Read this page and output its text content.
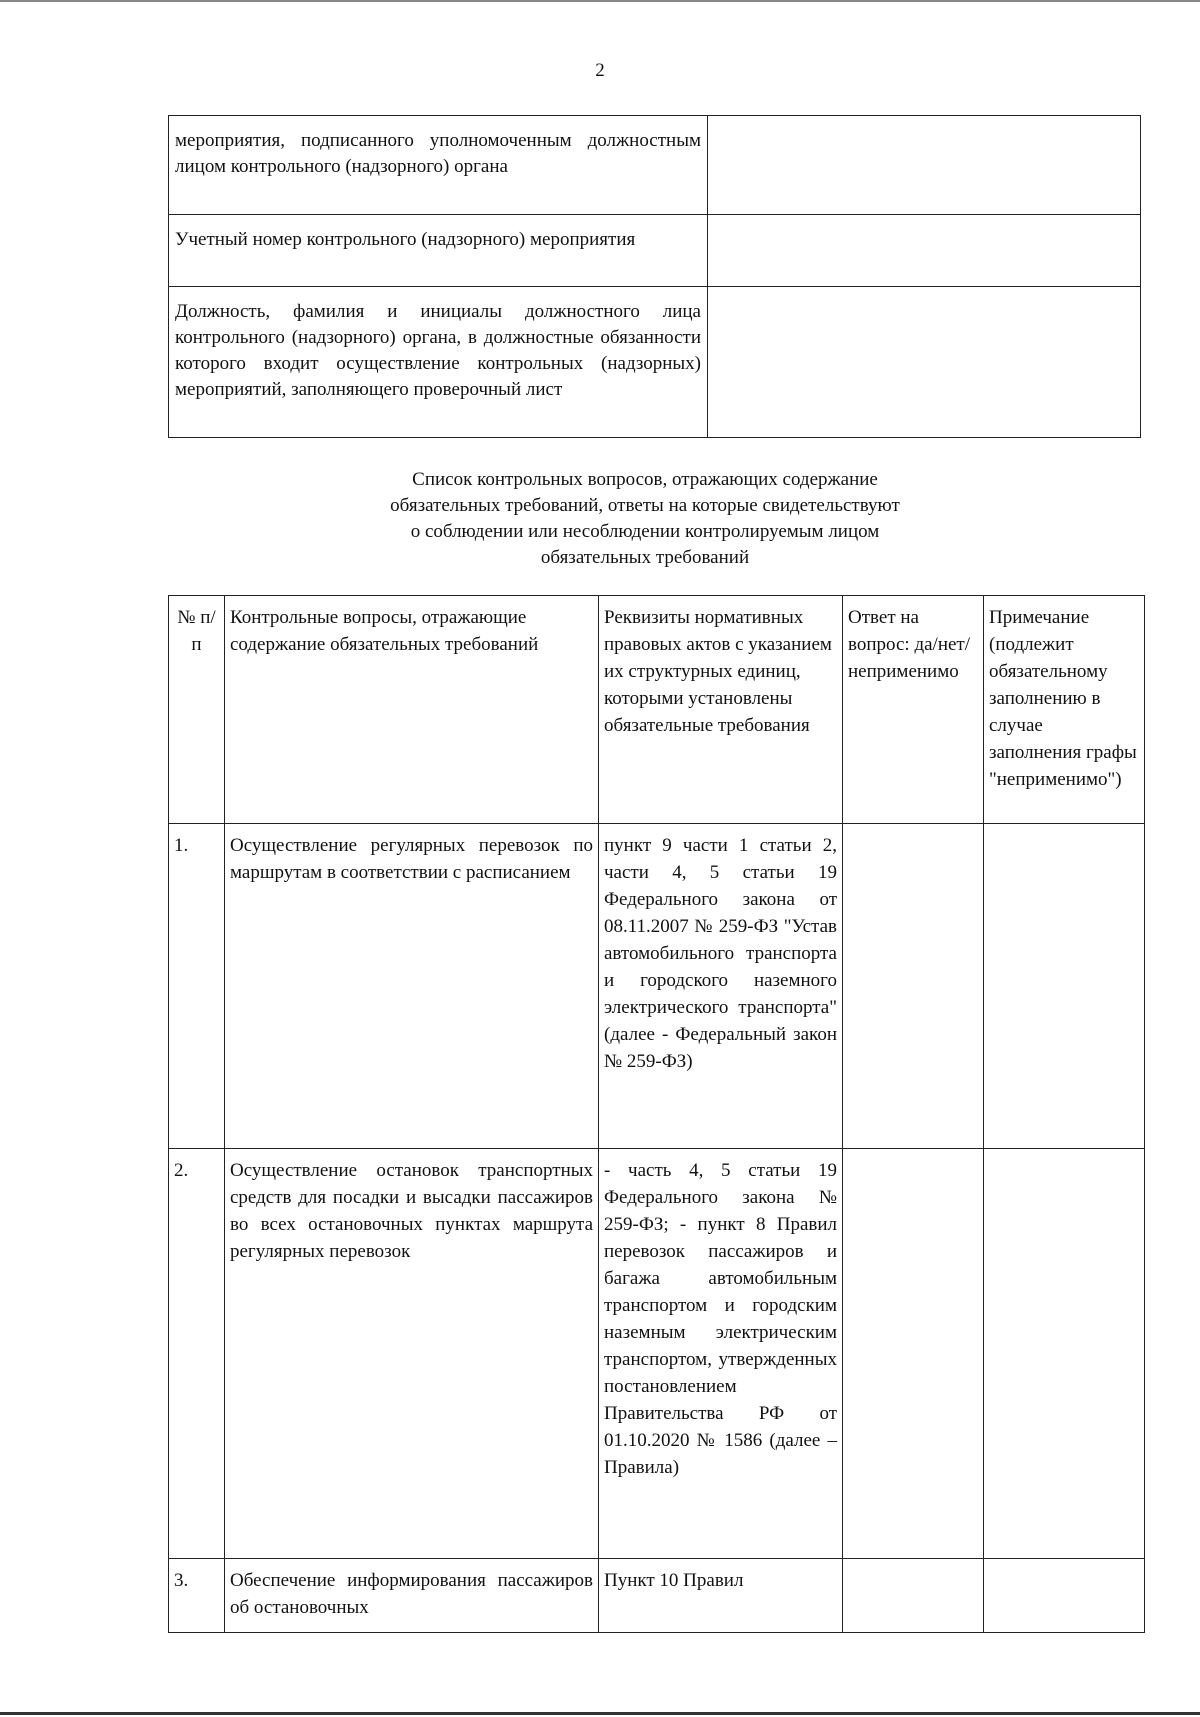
2
мероприятия, подписанного уполномоченным должностным лицом контрольного (надзорного) органа	
Учетный номер контрольного (надзорного) мероприятия	
Должность, фамилия и инициалы должностного лица контрольного (надзорного) органа, в должностные обязанности которого входит осуществление контрольных (надзорных) мероприятий, заполняющего проверочный лист	
Список контрольных вопросов, отражающих содержание
обязательных требований, ответы на которые свидетельствуют
о соблюдении или несоблюдении контролируемым лицом
обязательных требований
№ п/п	Контрольные вопросы, отражающие содержание обязательных требований	Реквизиты нормативных правовых актов с указанием их структурных единиц, которыми установлены обязательные требования	Ответ на вопрос: да/нет/ неприменимо	Примечание (подлежит обязательному заполнению в случае заполнения графы "неприменимо")
1.	Осуществление регулярных перевозок по маршрутам в соответствии с расписанием	пункт 9 части 1 статьи 2, части 4, 5 статьи 19 Федерального закона от 08.11.2007 № 259-ФЗ "Устав автомобильного транспорта и городского наземного электрического транспорта" (далее - Федеральный закон № 259-ФЗ)		
2.	Осуществление остановок транспортных средств для посадки и высадки пассажиров во всех остановочных пунктах маршрута регулярных перевозок	- часть 4, 5 статьи 19 Федерального закона № 259-ФЗ; - пункт 8 Правил перевозок пассажиров и багажа автомобильным транспортом и городским наземным электрическим транспортом, утвержденных постановлением Правительства РФ от 01.10.2020 № 1586 (далее – Правила)		
3.	Обеспечение информирования пассажиров об остановочных	Пункт 10 Правил		
